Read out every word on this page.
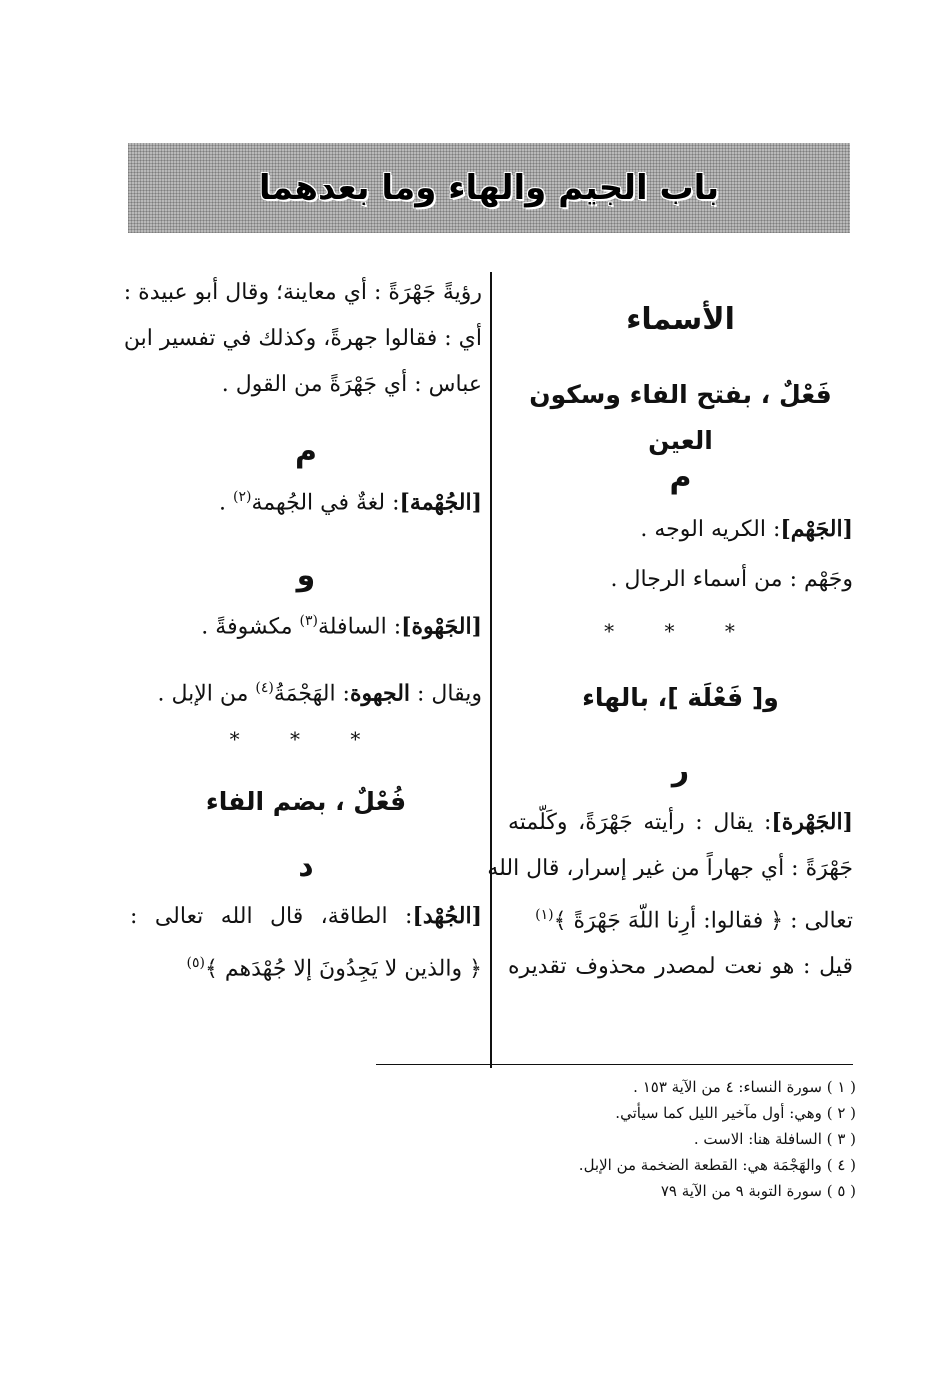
باب الجيم والهاء وما بعدهما
الأسماء
فَعْلٌ ، بفتح الفاء وسكون العين
م
[الجَهْم]: الكريه الوجه .
وجَهْم : من أسماء الرجال .
* * *
و[ فَعْلَة ]، بالهاء
ر
[الجَهْرة]: يقال : رأيته جَهْرَةً، وكَلّمته
جَهْرَةً : أي جهاراً من غير إسرار، قال الله
تعالى : ﴿ فقالوا: أرِنا اللّهَ جَهْرَةً ﴾$^{(١)}$
قيل : هو نعت لمصدر محذوف تقديره
رؤيةً جَهْرَةً : أي معاينة؛ وقال أبو عبيدة :
أي : فقالوا جهرةً، وكذلك في تفسير ابن
عباس : أي جَهْرَةً من القول .
م
[الجُهْمة]: لغةٌ في الجُهمة$^{(٢)}$ .
و
[الجَهْوة]: السافلة$^{(٣)}$ مكشوفةً .
ويقال : الجهوة: الهَجْمَةُ$^{(٤)}$ من الإبل .
* * *
فُعْلٌ ، بضم الفاء
د
[الجُهْد]: الطاقة، قال الله تعالى :
﴿ والذين لا يَجِدُونَ إلا جُهْدَهم ﴾$^{(٥)}$
( ١ ) سورة النساء: ٤ من الآية ١٥٣ .
( ٢ ) وهي: أول مآخير الليل كما سيأتي.
( ٣ ) السافلة هنا: الاست .
( ٤ ) والهَجْمَة هي: القطعة الضخمة من الإبل.
( ٥ ) سورة التوبة ٩ من الآية ٧٩
